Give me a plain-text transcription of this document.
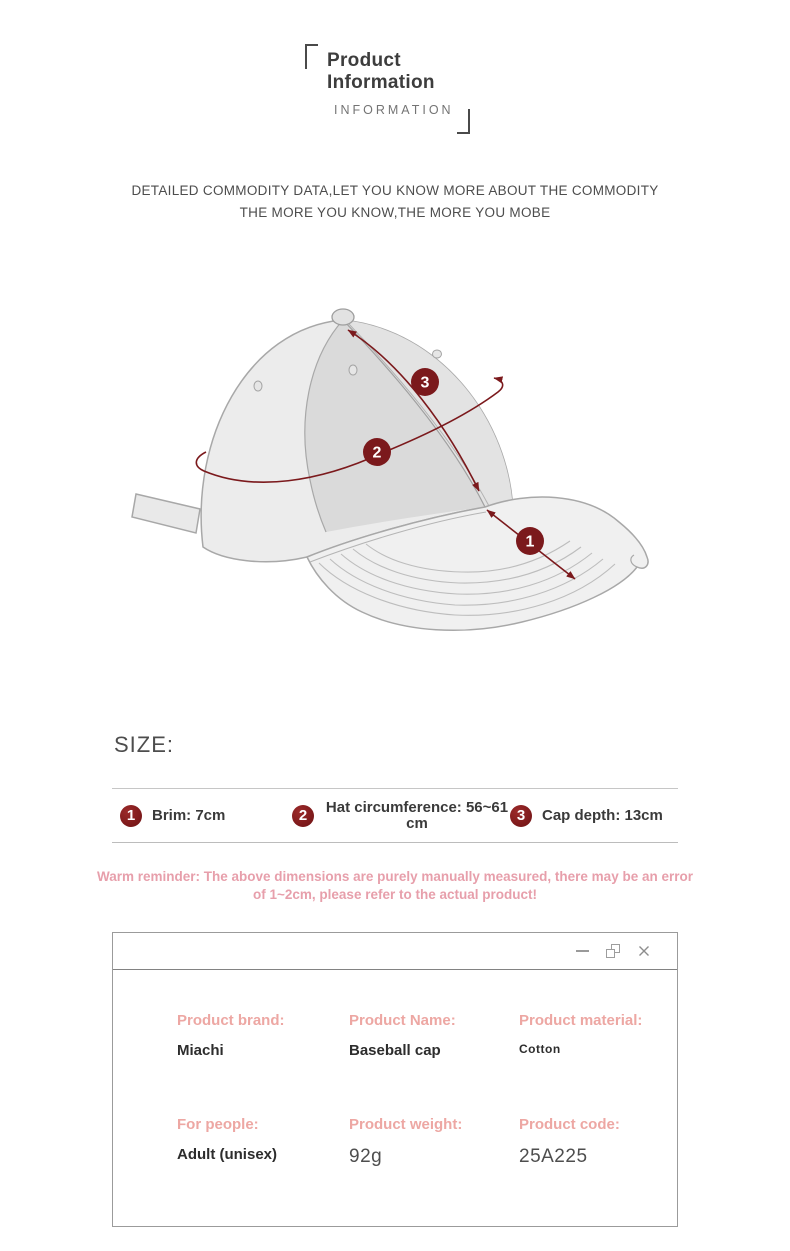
Product
Information
INFORMATION
DETAILED COMMODITY DATA,LET YOU KNOW MORE ABOUT THE COMMODITY
THE MORE YOU KNOW,THE MORE YOU MOBE
3
2
1
SIZE:
1	Brim: 7cm	2	Hat circumference: 56~61 cm	3	Cap depth: 13cm
Warm reminder: The above dimensions are purely manually measured, there may be an error of 1~2cm, please refer to the actual product!
Product brand:
Miachi
Product Name:
Baseball cap
Product material:
Cotton
For people:
Adult (unisex)
Product weight:
92g
Product code:
25A225
